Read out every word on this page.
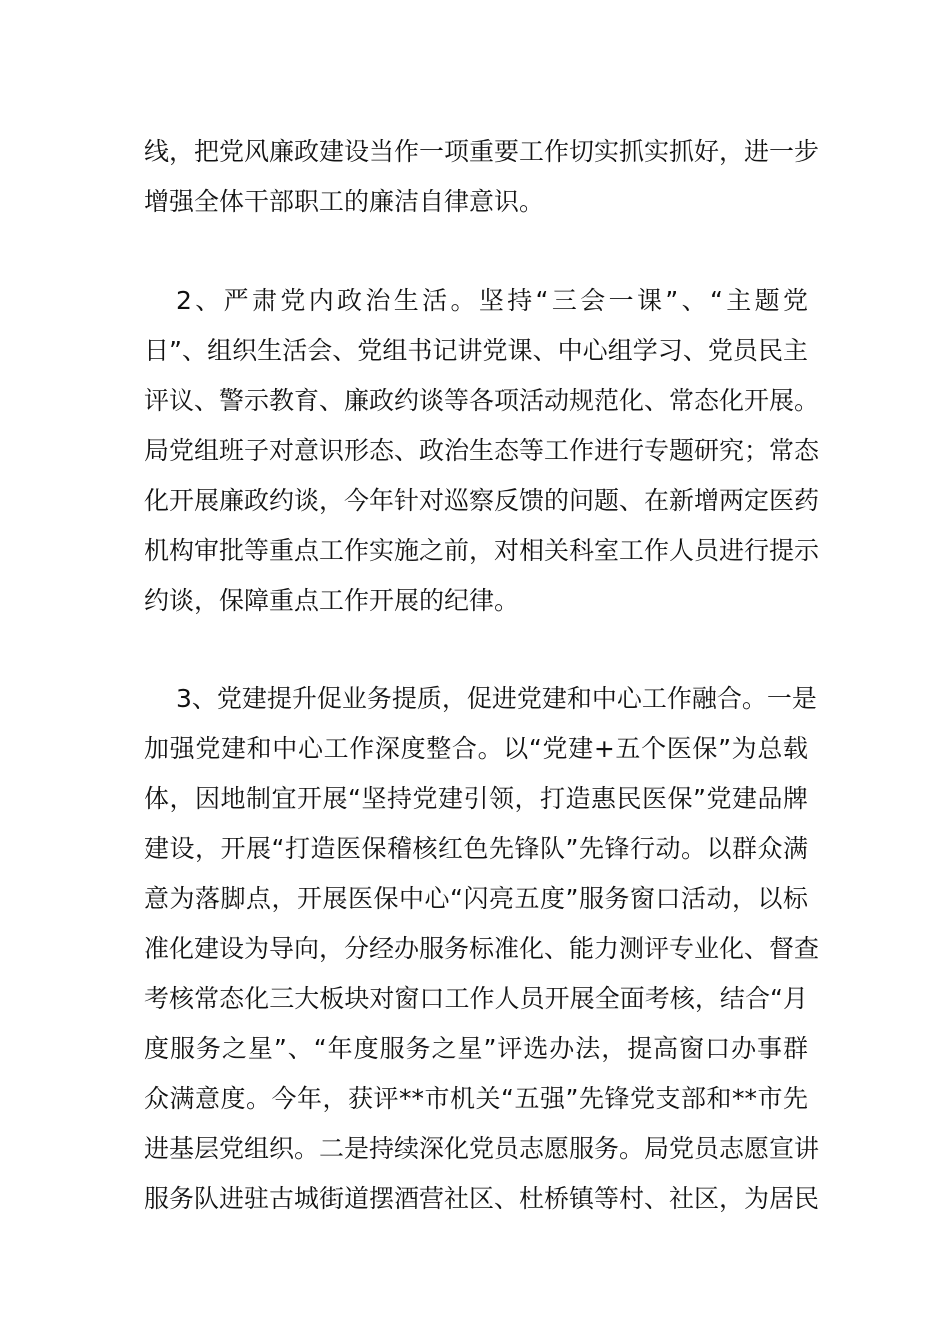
线，把党风廉政建设当作一项重要工作切实抓实抓好，进一步
增强全体干部职工的廉洁自律意识。
2、严肃党内政治生活。坚持“三会一课”、“主题党
日”、组织生活会、党组书记讲党课、中心组学习、党员民主
评议、警示教育、廉政约谈等各项活动规范化、常态化开展。
局党组班子对意识形态、政治生态等工作进行专题研究；常态
化开展廉政约谈，今年针对巡察反馈的问题、在新增两定医药
机构审批等重点工作实施之前，对相关科室工作人员进行提示
约谈，保障重点工作开展的纪律。
3、党建提升促业务提质，促进党建和中心工作融合。一是
加强党建和中心工作深度整合。以“党建+五个医保”为总载
体，因地制宜开展“坚持党建引领，打造惠民医保”党建品牌
建设，开展“打造医保稽核红色先锋队”先锋行动。以群众满
意为落脚点，开展医保中心“闪亮五度”服务窗口活动，以标
准化建设为导向，分经办服务标准化、能力测评专业化、督查
考核常态化三大板块对窗口工作人员开展全面考核，结合“月
度服务之星”、“年度服务之星”评选办法，提高窗口办事群
众满意度。今年，获评**市机关“五强”先锋党支部和**市先
进基层党组织。二是持续深化党员志愿服务。局党员志愿宣讲
服务队进驻古城街道摆酒营社区、杜桥镇等村、社区，为居民
